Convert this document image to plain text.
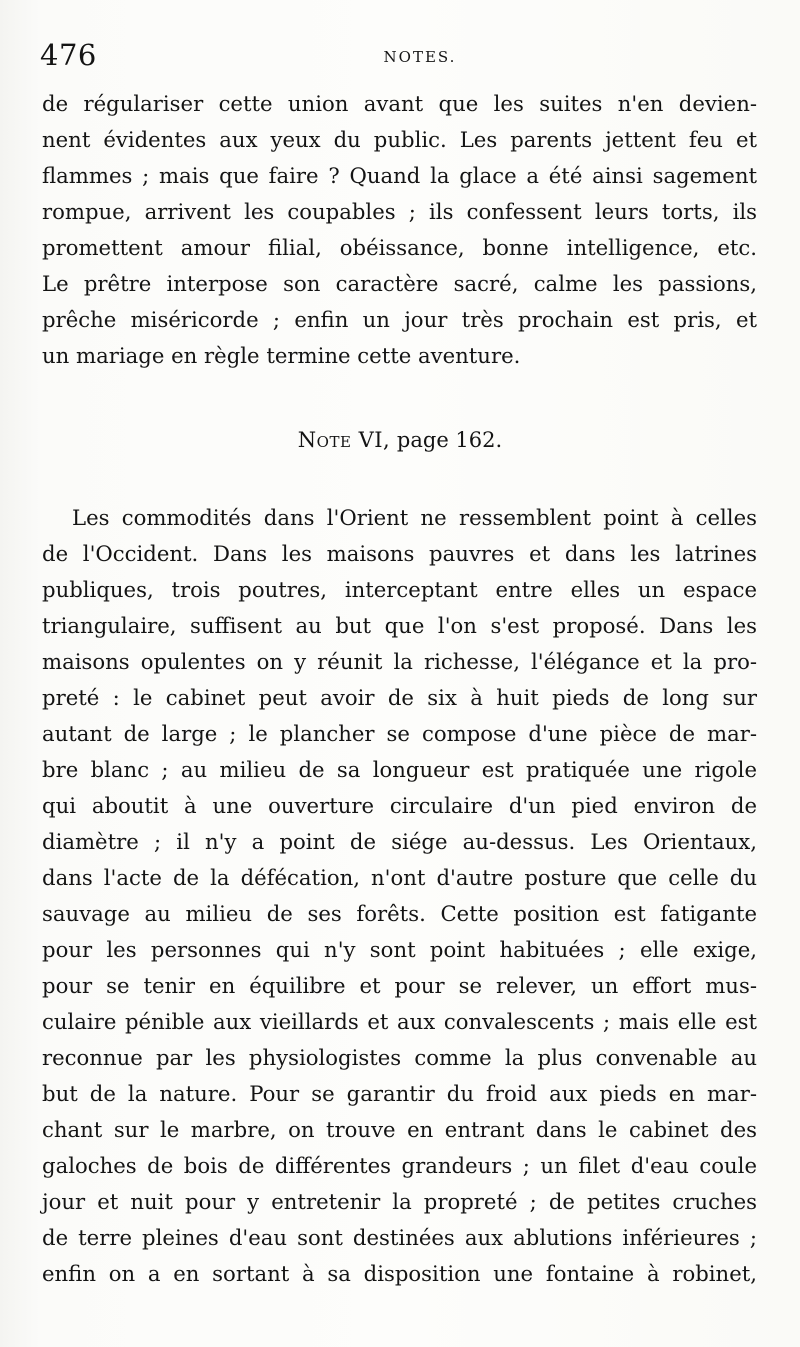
476	NOTES.
de régulariser cette union avant que les suites n'en devien-
nent évidentes aux yeux du public. Les parents jettent feu et
flammes ; mais que faire ? Quand la glace a été ainsi sagement
rompue, arrivent les coupables ; ils confessent leurs torts, ils
promettent amour filial, obéissance, bonne intelligence, etc.
Le prêtre interpose son caractère sacré, calme les passions,
prêche miséricorde ; enfin un jour très prochain est pris, et
un mariage en règle termine cette aventure.
Note VI, page 162.
Les commodités dans l'Orient ne ressemblent point à celles
de l'Occident. Dans les maisons pauvres et dans les latrines
publiques, trois poutres, interceptant entre elles un espace
triangulaire, suffisent au but que l'on s'est proposé. Dans les
maisons opulentes on y réunit la richesse, l'élégance et la pro-
preté : le cabinet peut avoir de six à huit pieds de long sur
autant de large ; le plancher se compose d'une pièce de mar-
bre blanc ; au milieu de sa longueur est pratiquée une rigole
qui aboutit à une ouverture circulaire d'un pied environ de
diamètre ; il n'y a point de siége au-dessus. Les Orientaux,
dans l'acte de la défécation, n'ont d'autre posture que celle du
sauvage au milieu de ses forêts. Cette position est fatigante
pour les personnes qui n'y sont point habituées ; elle exige,
pour se tenir en équilibre et pour se relever, un effort mus-
culaire pénible aux vieillards et aux convalescents ; mais elle est
reconnue par les physiologistes comme la plus convenable au
but de la nature. Pour se garantir du froid aux pieds en mar-
chant sur le marbre, on trouve en entrant dans le cabinet des
galoches de bois de différentes grandeurs ; un filet d'eau coule
jour et nuit pour y entretenir la propreté ; de petites cruches
de terre pleines d'eau sont destinées aux ablutions inférieures ;
enfin on a en sortant à sa disposition une fontaine à robinet,
